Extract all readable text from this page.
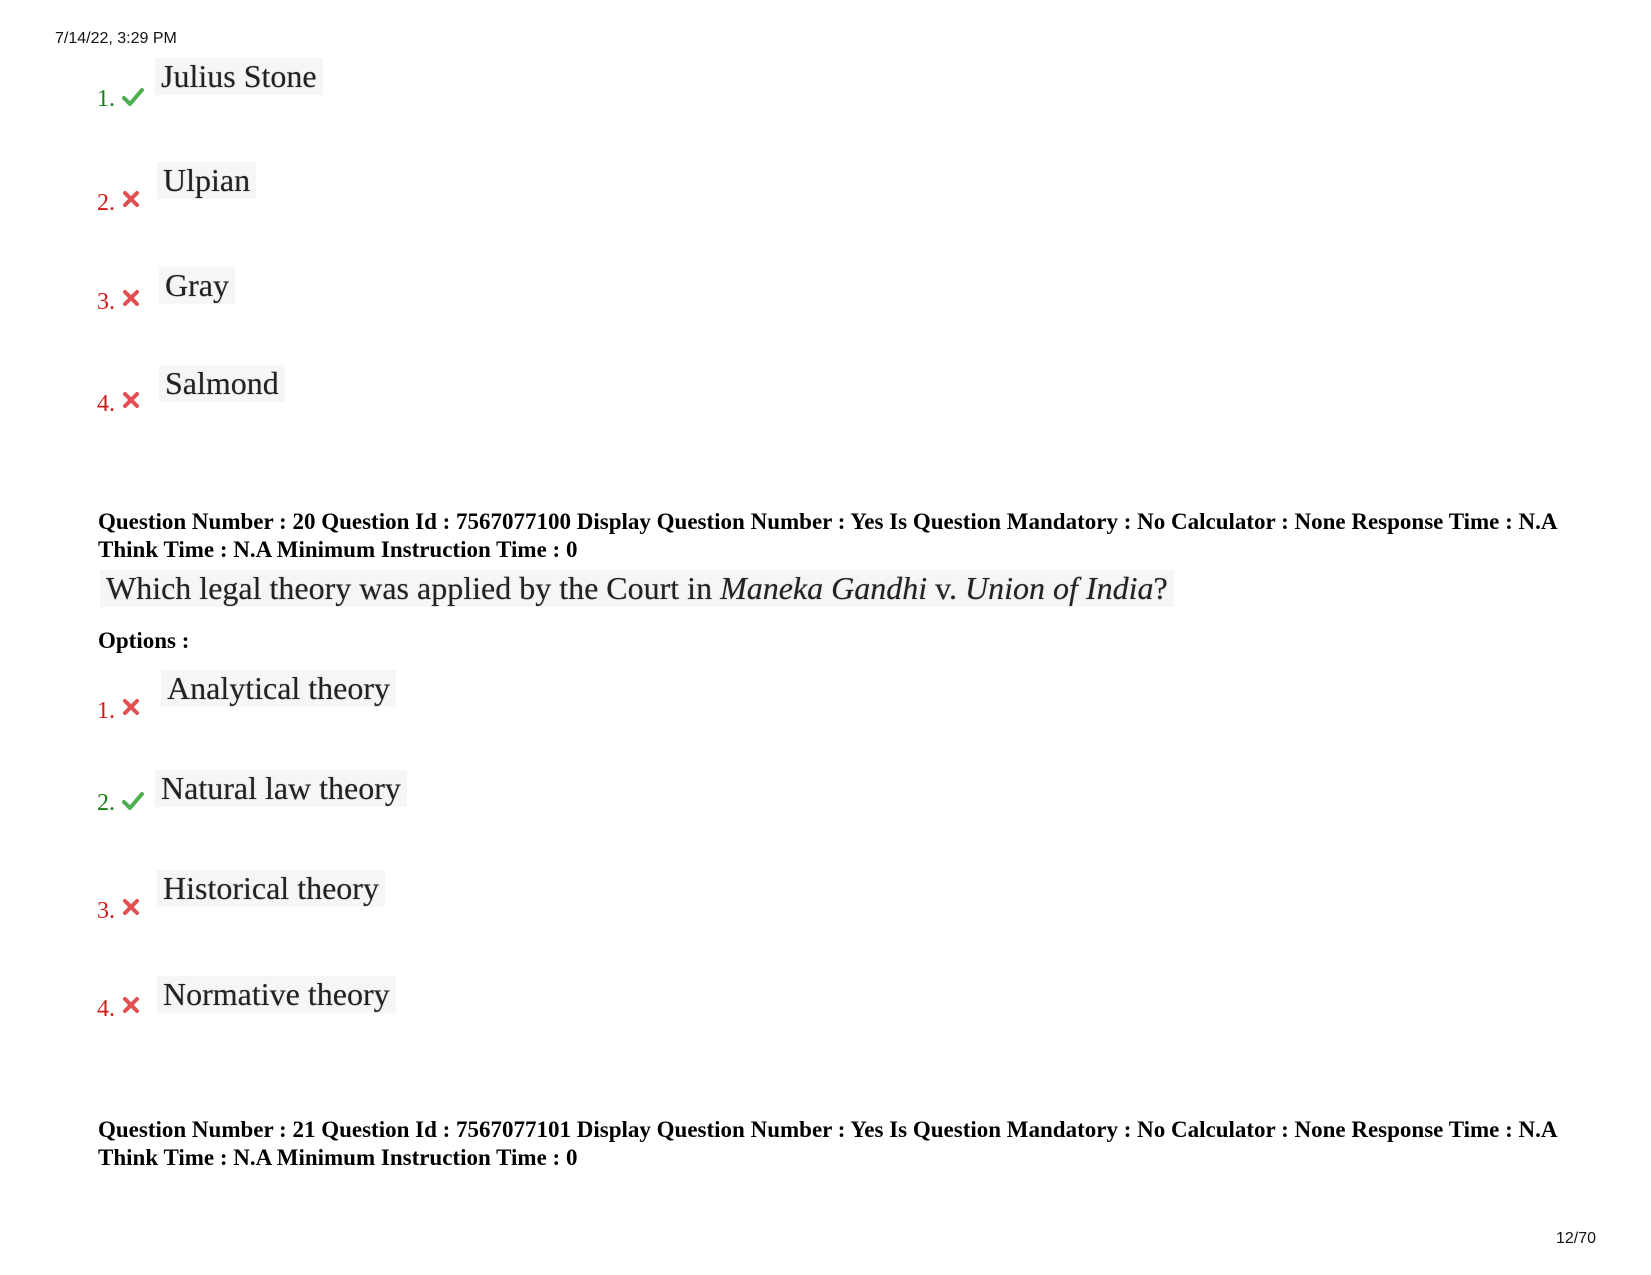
7/14/22, 3:29 PM
1.
Julius Stone
2.
Ulpian
3. Gray
4.
Salmond
Question Number : 20 Question Id : 7567077100 Display Question Number : Yes Is Question Mandatory : No Calculator : None Response Time : N.A Think Time : N.A Minimum Instruction Time : 0
Which legal theory was applied by the Court in Maneka Gandhi v. Union of India?
Options :
1.
Analytical theory
2. Natural law theory
3.
Historical theory
4. Normative theory
Question Number : 21 Question Id : 7567077101 Display Question Number : Yes Is Question Mandatory : No Calculator : None Response Time : N.A Think Time : N.A Minimum Instruction Time : 0
12/70
